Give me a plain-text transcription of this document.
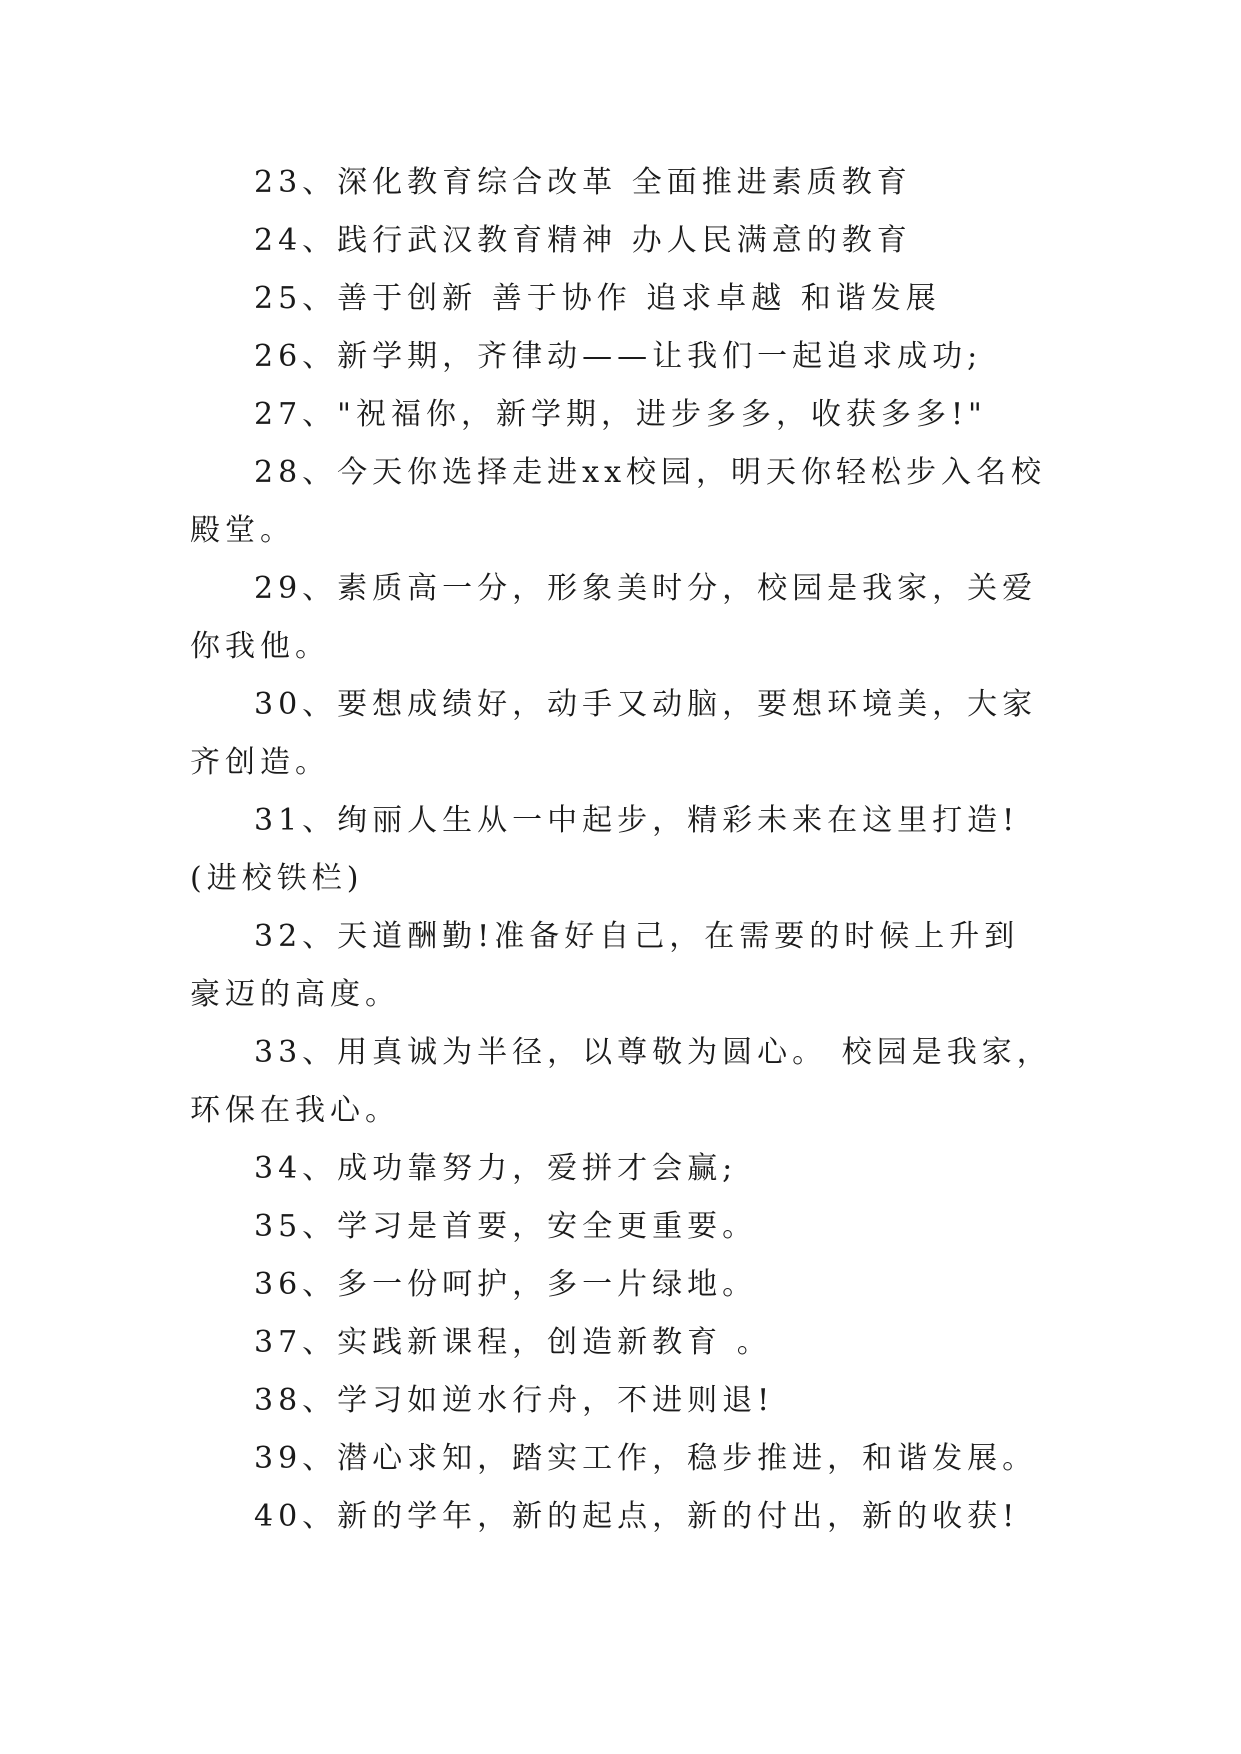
23、深化教育综合改革 全面推进素质教育

24、践行武汉教育精神 办人民满意的教育

25、善于创新 善于协作 追求卓越 和谐发展

26、新学期，齐律动——让我们一起追求成功;

27、"祝福你，新学期，进步多多，收获多多!"

28、今天你选择走进xx校园，明天你轻松步入名校殿堂。

29、素质高一分，形象美时分，校园是我家，关爱你我他。

30、要想成绩好，动手又动脑，要想环境美，大家齐创造。

31、绚丽人生从一中起步，精彩未来在这里打造!(进校铁栏)

32、天道酬勤!准备好自己，在需要的时候上升到豪迈的高度。

33、用真诚为半径，以尊敬为圆心。 校园是我家，环保在我心。

34、成功靠努力，爱拼才会赢;

35、学习是首要，安全更重要。

36、多一份呵护，多一片绿地。

37、实践新课程，创造新教育 。

38、学习如逆水行舟，不进则退!

39、潜心求知，踏实工作，稳步推进，和谐发展。

40、新的学年，新的起点，新的付出，新的收获!
